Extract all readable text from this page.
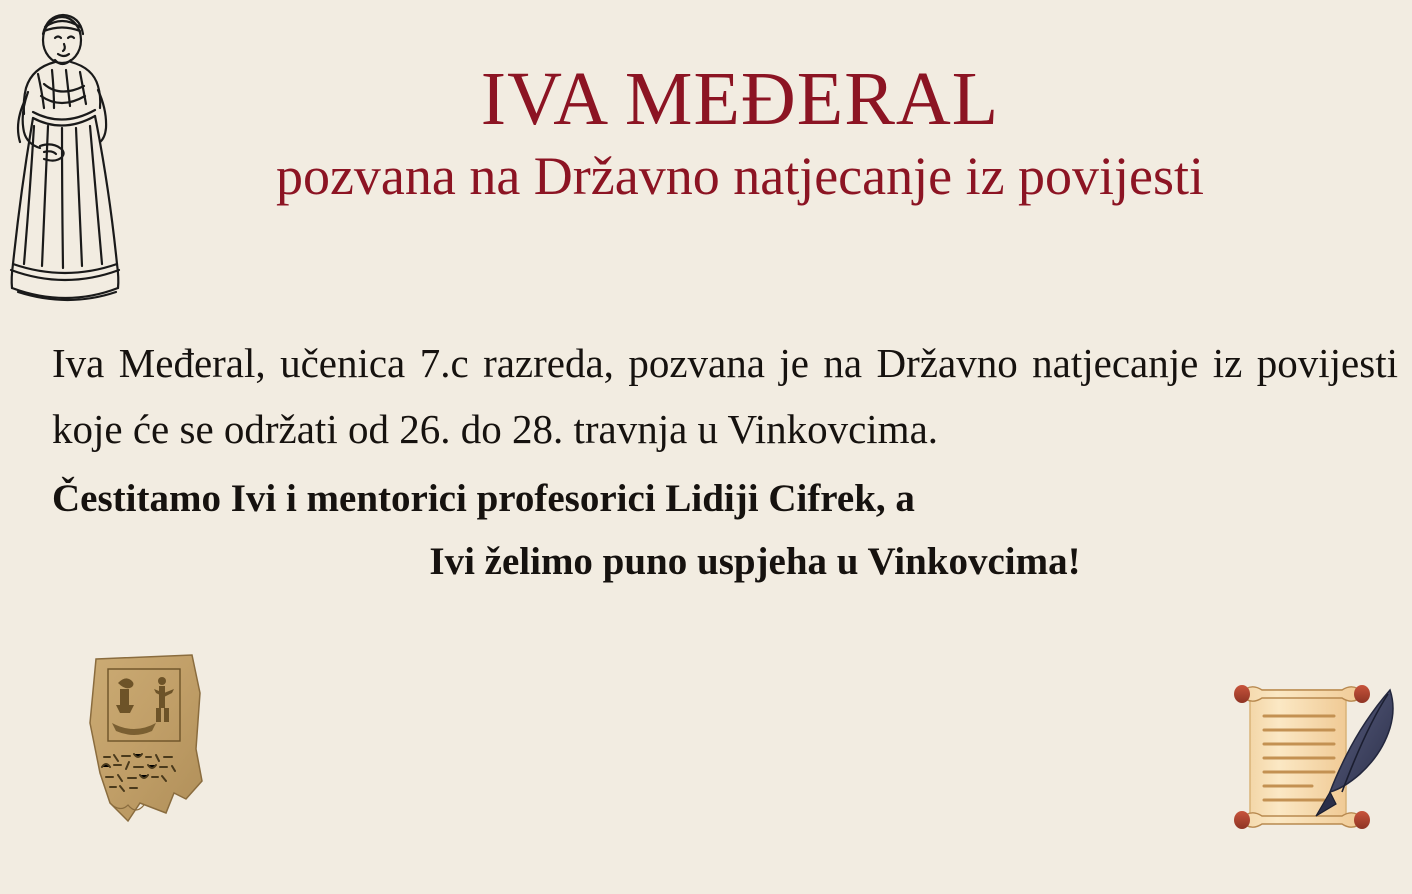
IVA MEĐERAL
pozvana na Državno natjecanje iz povijesti

Iva Međeral, učenica 7.c razreda, pozvana je na Državno natjecanje iz povijesti koje će se održati od 26. do 28. travnja u Vinkovcima.

Čestitamo Ivi i mentorici profesorici Lidiji Cifrek, a
Ivi želimo puno uspjeha u Vinkovcima!
